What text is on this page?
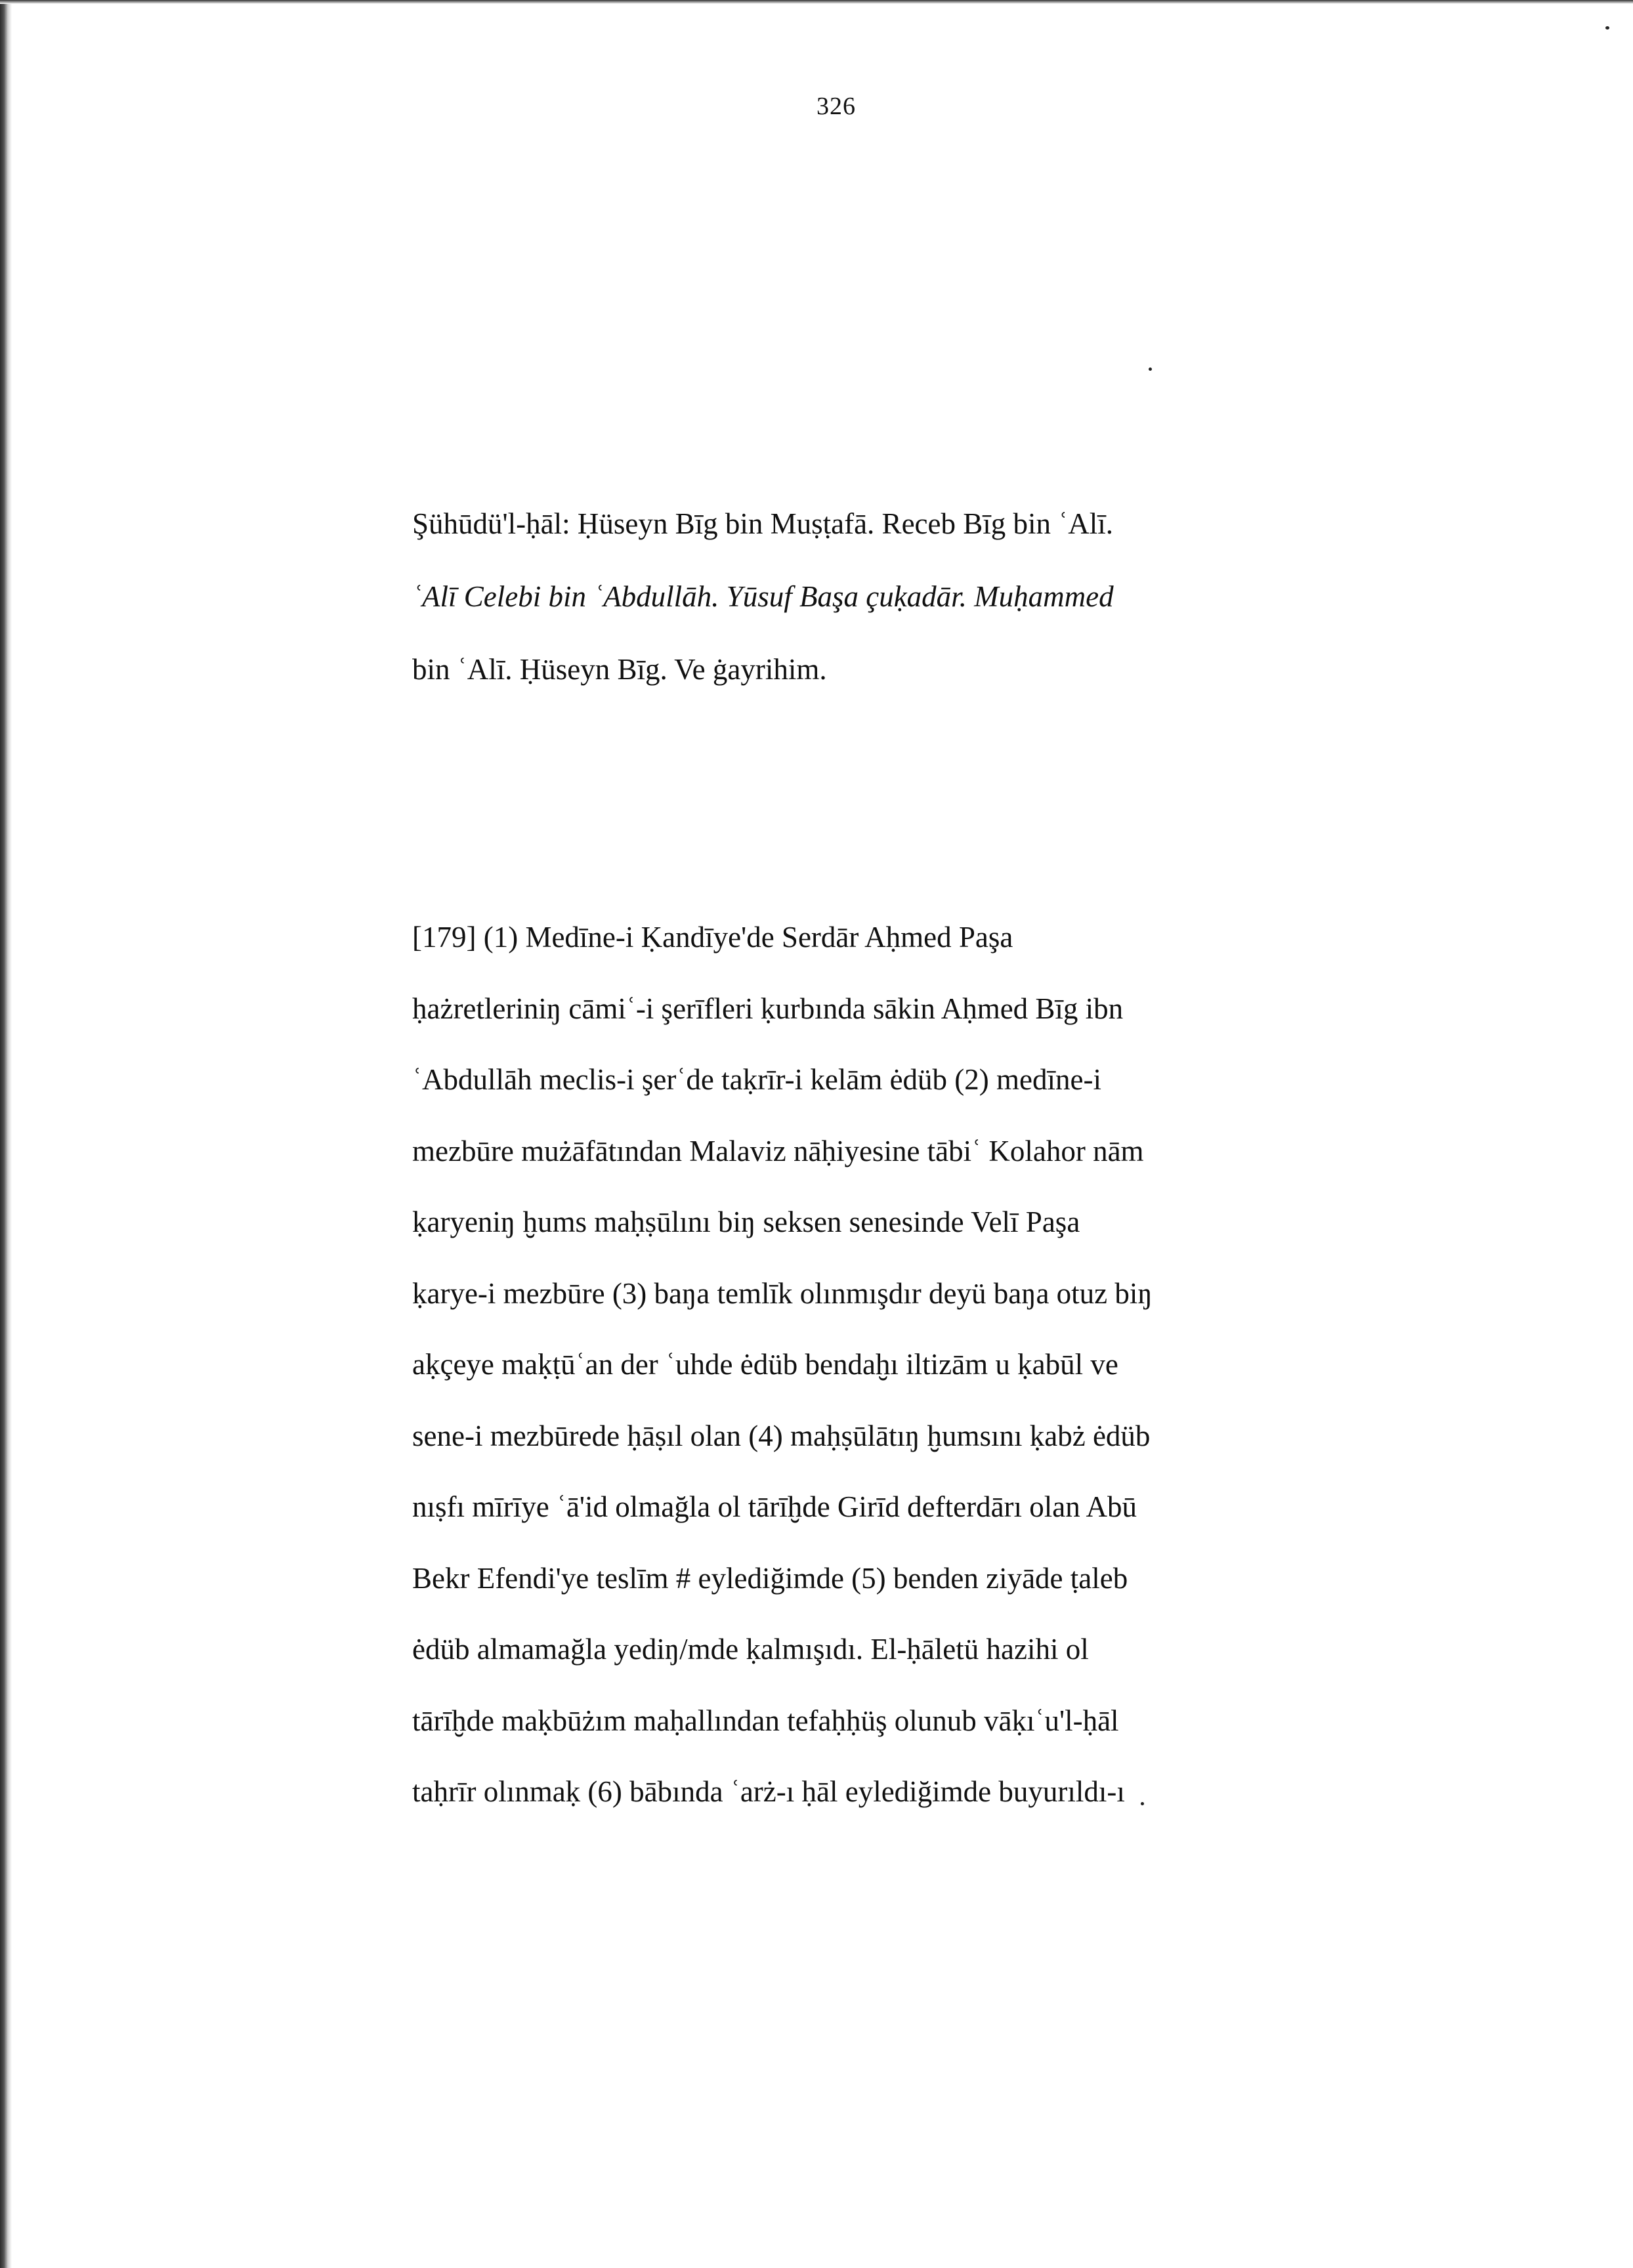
326
Şühūdü'l-ḥāl: Ḥüseyn Bīg bin Muṣṭafā. Receb Bīg bin ʿAlī.
ʿAlī Celebi bin ʿAbdullāh. Yūsuf Başa çuḳadār. Muḥammed
bin ʿAlī. Ḥüseyn Bīg. Ve ġayrihim.
[179] (1) Medīne-i Ḳandīye'de Serdār Aḥmed Paşa
ḥażretleriniŋ cāmiʿ-i şerīfleri ḳurbında sākin Aḥmed Bīg ibn
ʿAbdullāh meclis-i şerʿde taḳrīr-i kelām ėdüb (2) medīne-i
mezbūre mużāfātından Malaviz nāḥiyesine tābiʿ Kolahor nām
ḳaryeniŋ ḫums maḥṣūlını biŋ seksen senesinde Velī Paşa
ḳarye-i mezbūre (3) baŋa temlīk olınmışdır deyü baŋa otuz biŋ
aḳçeye maḳṭūʿan der ʿuhde ėdüb bendaḫı iltizām u ḳabūl ve
sene-i mezbūrede ḥāṣıl olan (4) maḥṣūlātıŋ ḫumsını ḳabż ėdüb
nıṣfı mīrīye ʿā'id olmağla ol tārīḫde Girīd defterdārı olan Abū
Bekr Efendi'ye teslīm # eylediğimde (5) benden ziyāde ṭaleb
ėdüb almamağla yediŋ/mde ḳalmışıdı. El-ḥāletü hazihi ol
tārīḫde maḳbūżım maḥallından tefaḥḥüş olunub vāḳıʿu'l-ḥāl
taḥrīr olınmaḳ (6) bābında ʿarż-ı ḥāl eylediğimde buyurıldı-ı
